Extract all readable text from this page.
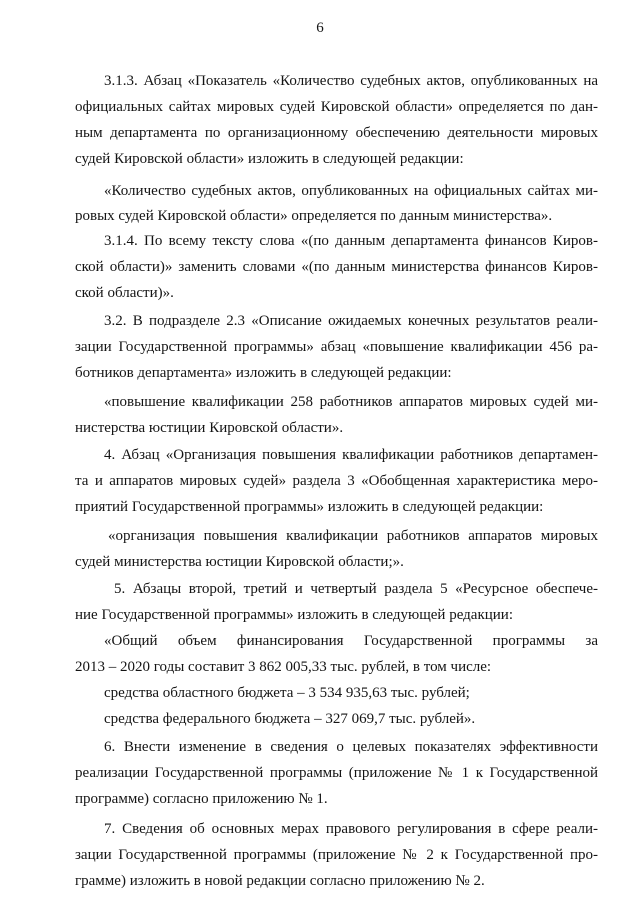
6
3.1.3. Абзац «Показатель «Количество судебных актов, опубликованных на
официальных сайтах мировых судей Кировской области» определяется по дан-
ным департамента по организационному обеспечению деятельности мировых
судей Кировской области» изложить в следующей редакции:
«Количество судебных актов, опубликованных на официальных сайтах ми-
ровых судей Кировской области» определяется по данным министерства».
3.1.4. По всему тексту слова «(по данным департамента финансов Киров-
ской области)» заменить словами «(по данным министерства финансов Киров-
ской области)».
3.2. В подразделе 2.3 «Описание ожидаемых конечных результатов реали-
зации Государственной программы» абзац «повышение квалификации 456 ра-
ботников департамента» изложить в следующей редакции:
«повышение квалификации 258 работников аппаратов мировых судей ми-
нистерства юстиции Кировской области».
4. Абзац «Организация повышения квалификации работников департамен-
та и аппаратов мировых судей» раздела 3 «Обобщенная характеристика меро-
приятий Государственной программы» изложить в следующей редакции:
«организация повышения квалификации работников аппаратов мировых
судей министерства юстиции Кировской области;».
5. Абзацы второй, третий и четвертый раздела 5 «Ресурсное обеспече-
ние Государственной программы» изложить в следующей редакции:
«Общий объем финансирования Государственной программы за
2013 – 2020 годы составит 3 862 005,33 тыс. рублей, в том числе:
средства областного бюджета – 3 534 935,63 тыс. рублей;
средства федерального бюджета – 327 069,7 тыс. рублей».
6. Внести изменение в сведения о целевых показателях эффективности
реализации Государственной программы (приложение № 1 к Государственной
программе) согласно приложению № 1.
7. Сведения об основных мерах правового регулирования в сфере реали-
зации Государственной программы (приложение № 2 к Государственной про-
грамме) изложить в новой редакции согласно приложению № 2.
